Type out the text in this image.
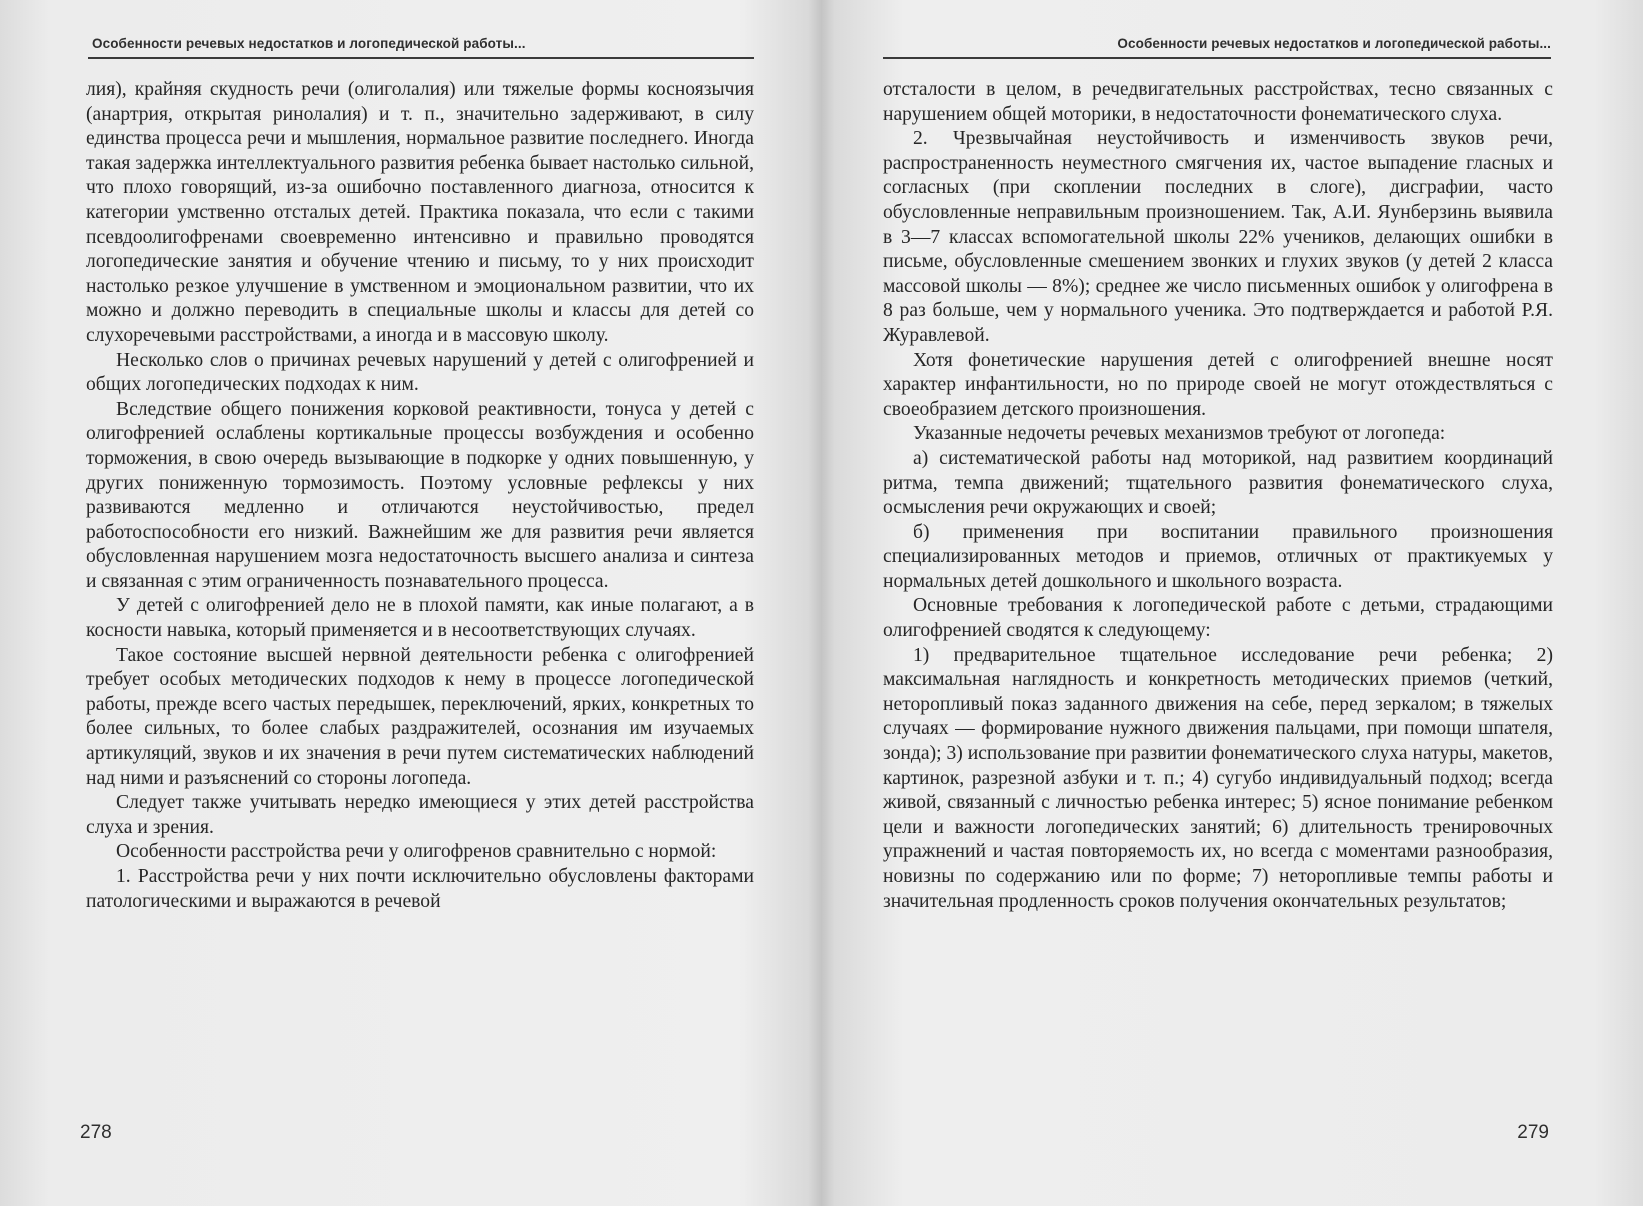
Особенности речевых недостатков и логопедической работы...

лия), крайняя скудность речи (олиголалия) или тяжелые формы косноязычия (анартрия, открытая ринолалия) и т. п., значительно задерживают, в силу единства процесса речи и мышления, нормальное развитие последнего. Иногда такая задержка интеллектуального развития ребенка бывает настолько сильной, что плохо говорящий, из-за ошибочно поставленного диагноза, относится к категории умственно отсталых детей. Практика показала, что если с такими псевдоолигофренами своевременно интенсивно и правильно проводятся логопедические занятия и обучение чтению и письму, то у них происходит настолько резкое улучшение в умственном и эмоциональном развитии, что их можно и должно переводить в специальные школы и классы для детей со слухоречевыми расстройствами, а иногда и в массовую школу.

Несколько слов о причинах речевых нарушений у детей с олигофренией и общих логопедических подходах к ним.

Вследствие общего понижения корковой реактивности, тонуса у детей с олигофренией ослаблены кортикальные процессы возбуждения и особенно торможения, в свою очередь вызывающие в подкорке у одних повышенную, у других пониженную тормозимость. Поэтому условные рефлексы у них развиваются медленно и отличаются неустойчивостью, предел работоспособности его низкий. Важнейшим же для развития речи является обусловленная нарушением мозга недостаточность высшего анализа и синтеза и связанная с этим ограниченность познавательного процесса.

У детей с олигофренией дело не в плохой памяти, как иные полагают, а в косности навыка, который применяется и в несоответствующих случаях.

Такое состояние высшей нервной деятельности ребенка с олигофренией требует особых методических подходов к нему в процессе логопедической работы, прежде всего частых передышек, переключений, ярких, конкретных то более сильных, то более слабых раздражителей, осознания им изучаемых артикуляций, звуков и их значения в речи путем систематических наблюдений над ними и разъяснений со стороны логопеда.

Следует также учитывать нередко имеющиеся у этих детей расстройства слуха и зрения.

Особенности расстройства речи у олигофренов сравнительно с нормой:

1. Расстройства речи у них почти исключительно обусловлены факторами патологическими и выражаются в речевой

278
Особенности речевых недостатков и логопедической работы...

отсталости в целом, в речедвигательных расстройствах, тесно связанных с нарушением общей моторики, в недостаточности фонематического слуха.

2. Чрезвычайная неустойчивость и изменчивость звуков речи, распространенность неуместного смягчения их, частое выпадение гласных и согласных (при скоплении последних в слоге), дисграфии, часто обусловленные неправильным произношением. Так, А.И. Яунберзинь выявила в 3—7 классах вспомогательной школы 22% учеников, делающих ошибки в письме, обусловленные смешением звонких и глухих звуков (у детей 2 класса массовой школы — 8%); среднее же число письменных ошибок у олигофрена в 8 раз больше, чем у нормального ученика. Это подтверждается и работой Р.Я. Журавлевой.

Хотя фонетические нарушения детей с олигофренией внешне носят характер инфантильности, но по природе своей не могут отождествляться с своеобразием детского произношения.

Указанные недочеты речевых механизмов требуют от логопеда:

а) систематической работы над моторикой, над развитием координаций ритма, темпа движений; тщательного развития фонематического слуха, осмысления речи окружающих и своей;

б) применения при воспитании правильного произношения специализированных методов и приемов, отличных от практикуемых у нормальных детей дошкольного и школьного возраста.

Основные требования к логопедической работе с детьми, страдающими олигофренией сводятся к следующему:

1) предварительное тщательное исследование речи ребенка; 2) максимальная наглядность и конкретность методических приемов (четкий, неторопливый показ заданного движения на себе, перед зеркалом; в тяжелых случаях — формирование нужного движения пальцами, при помощи шпателя, зонда); 3) использование при развитии фонематического слуха натуры, макетов, картинок, разрезной азбуки и т. п.; 4) сугубо индивидуальный подход; всегда живой, связанный с личностью ребенка интерес; 5) ясное понимание ребенком цели и важности логопедических занятий; 6) длительность тренировочных упражнений и частая повторяемость их, но всегда с моментами разнообразия, новизны по содержанию или по форме; 7) неторопливые темпы работы и значительная продленность сроков получения окончательных результатов;

279
